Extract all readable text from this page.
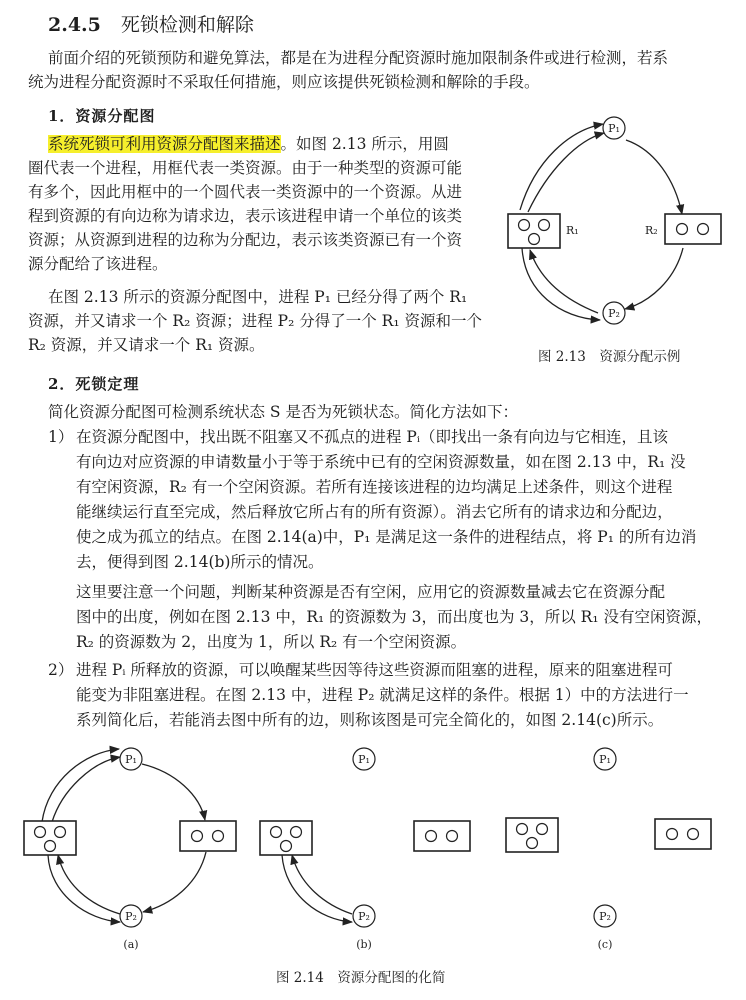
2.4.5 死锁检测和解除
前面介绍的死锁预防和避免算法，都是在为进程分配资源时施加限制条件或进行检测，若系
统为进程分配资源时不采取任何措施，则应该提供死锁检测和解除的手段。
1．资源分配图
系统死锁可利用资源分配图来描述。如图 2.13 所示，用圆
圈代表一个进程，用框代表一类资源。由于一种类型的资源可能
有多个，因此用框中的一个圆代表一类资源中的一个资源。从进
程到资源的有向边称为请求边，表示该进程申请一个单位的该类
资源；从资源到进程的边称为分配边，表示该类资源已有一个资
源分配给了该进程。
在图 2.13 所示的资源分配图中，进程 P₁ 已经分得了两个 R₁
资源，并又请求一个 R₂ 资源；进程 P₂ 分得了一个 R₁ 资源和一个
R₂ 资源，并又请求一个 R₁ 资源。
P₁
P₂
R₁	R₂
图 2.13　资源分配示例
2．死锁定理
简化资源分配图可检测系统状态 S 是否为死锁状态。简化方法如下：
1） 在资源分配图中，找出既不阻塞又不孤点的进程 Pᵢ（即找出一条有向边与它相连，且该
有向边对应资源的申请数量小于等于系统中已有的空闲资源数量，如在图 2.13 中，R₁ 没
有空闲资源，R₂ 有一个空闲资源。若所有连接该进程的边均满足上述条件，则这个进程
能继续运行直至完成，然后释放它所占有的所有资源）。消去它所有的请求边和分配边，
使之成为孤立的结点。在图 2.14(a)中，P₁ 是满足这一条件的进程结点，将 P₁ 的所有边消
去，便得到图 2.14(b)所示的情况。
这里要注意一个问题，判断某种资源是否有空闲，应用它的资源数量减去它在资源分配
图中的出度，例如在图 2.13 中，R₁ 的资源数为 3，而出度也为 3，所以 R₁ 没有空闲资源，
R₂ 的资源数为 2，出度为 1，所以 R₂ 有一个空闲资源。
2） 进程 Pᵢ 所释放的资源，可以唤醒某些因等待这些资源而阻塞的进程，原来的阻塞进程可
能变为非阻塞进程。在图 2.13 中，进程 P₂ 就满足这样的条件。根据 1）中的方法进行一
系列简化后，若能消去图中所有的边，则称该图是可完全简化的，如图 2.14(c)所示。
P₁
P₂
(a)
P₁
P₂
(b)
P₁
P₂
(c)
图 2.14　资源分配图的化简
